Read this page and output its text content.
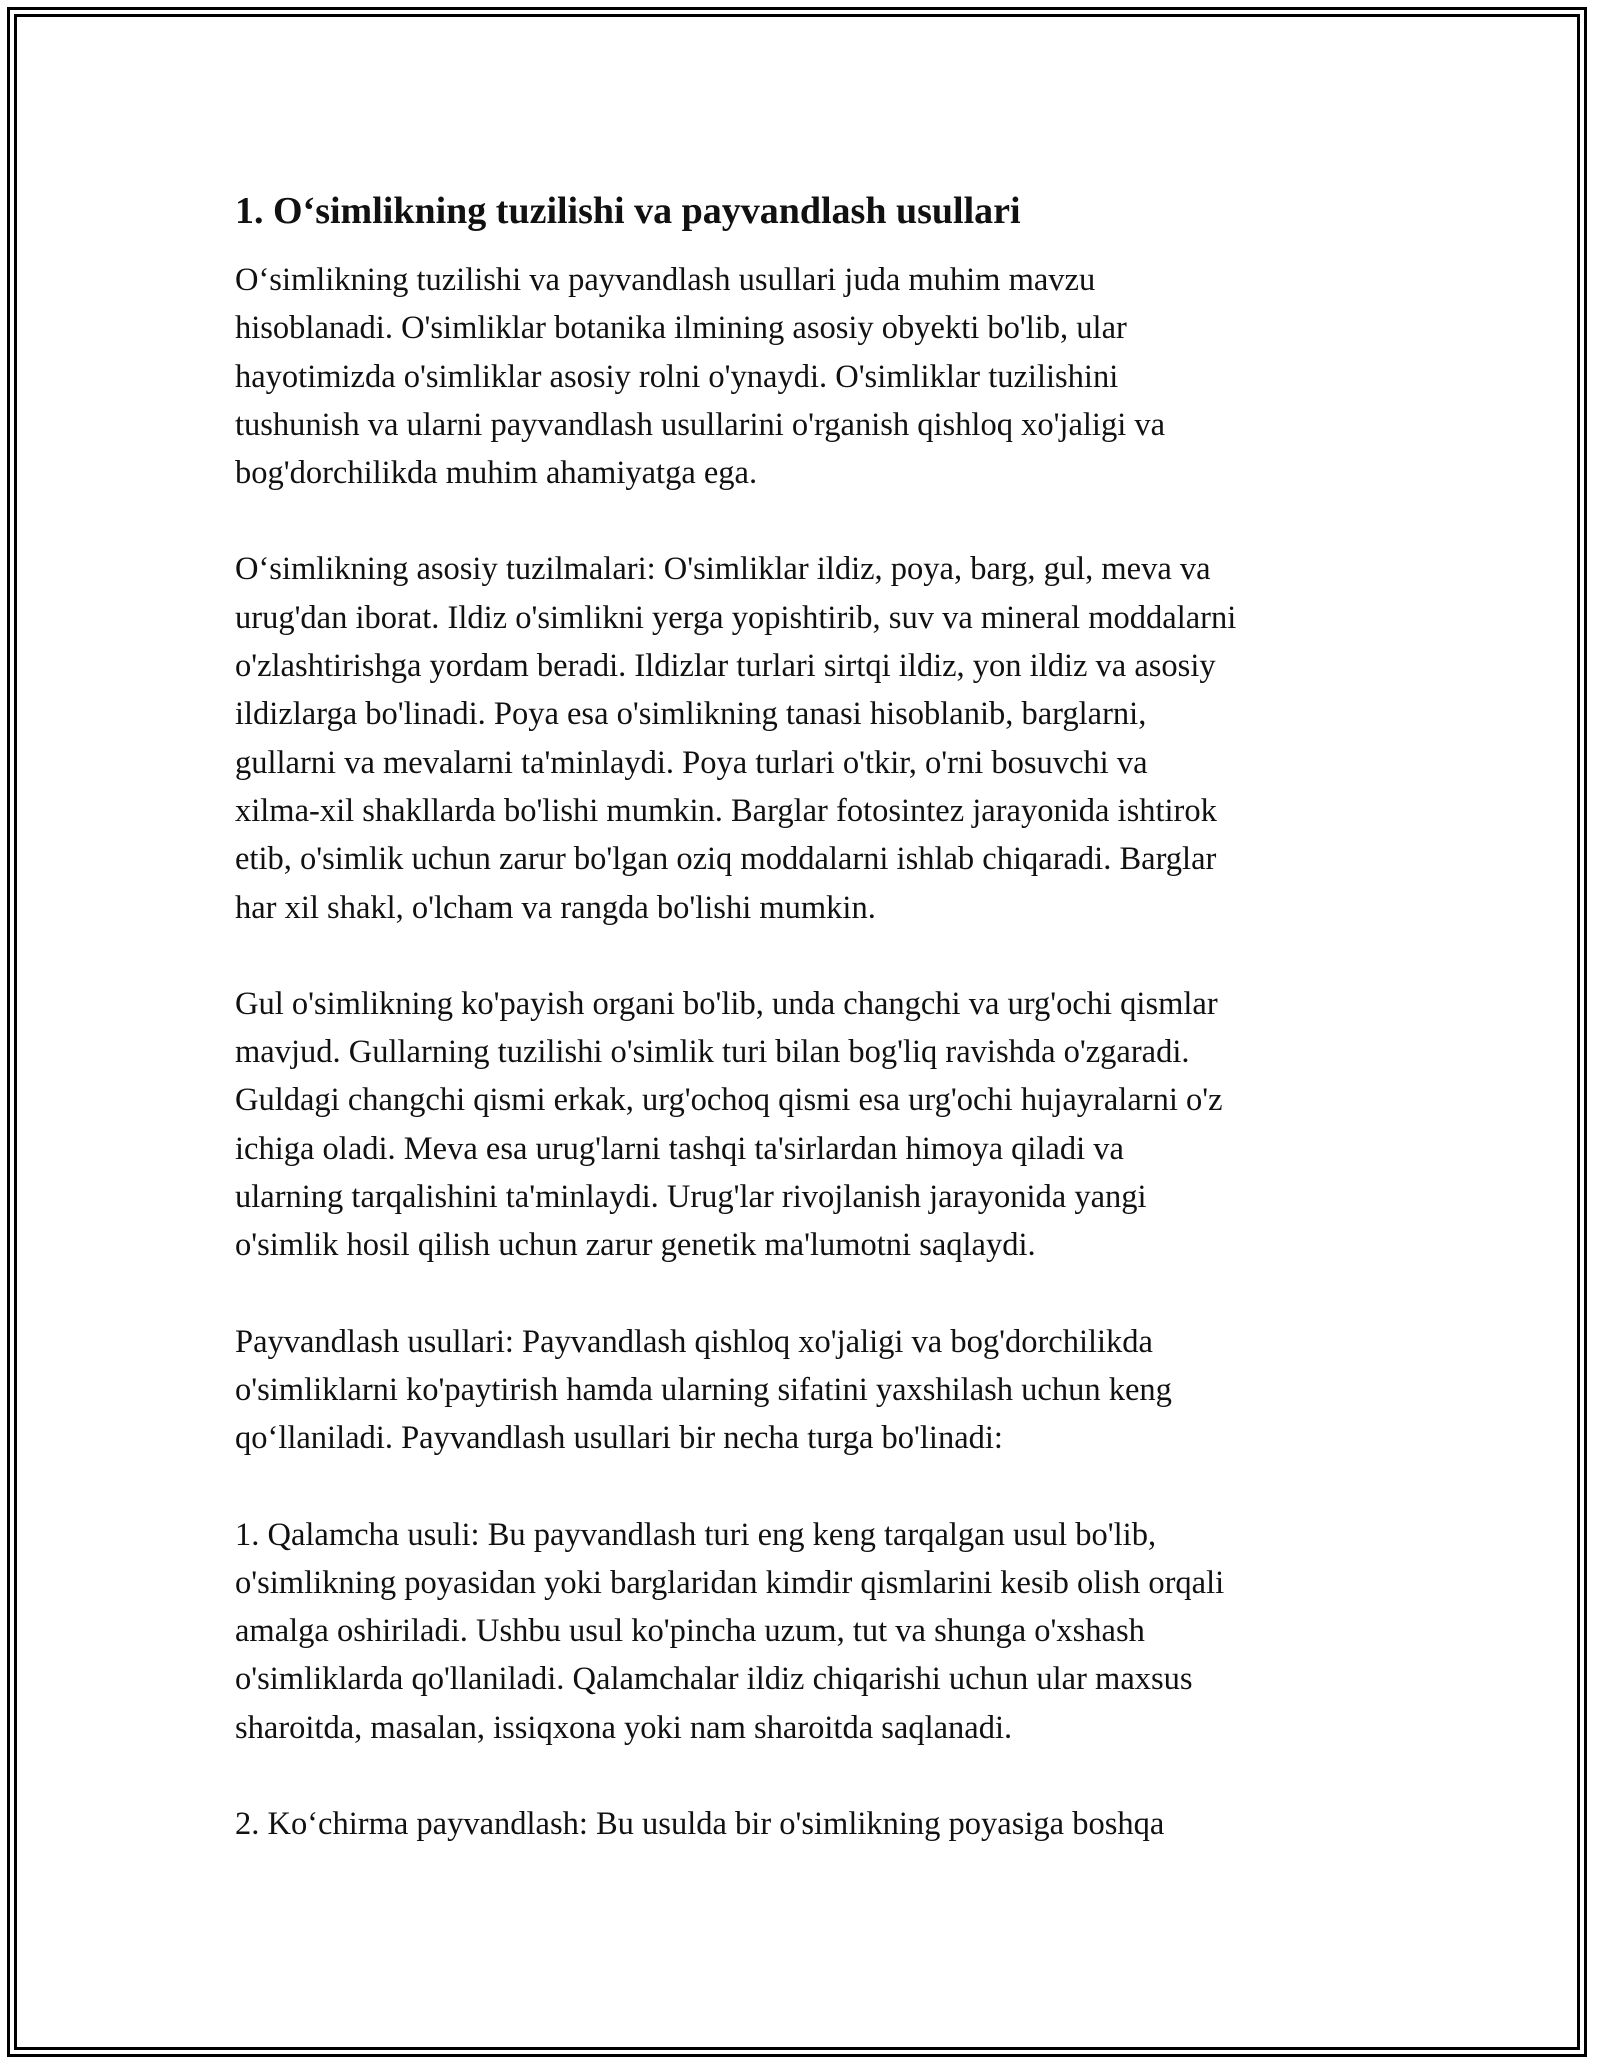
1. O‘simlikning tuzilishi va payvandlash usullari

O‘simlikning tuzilishi va payvandlash usullari juda muhim mavzu
hisoblanadi. O'simliklar botanika ilmining asosiy obyekti bo'lib, ular
hayotimizda o'simliklar asosiy rolni o'ynaydi. O'simliklar tuzilishini
tushunish va ularni payvandlash usullarini o'rganish qishloq xo'jaligi va
bog'dorchilikda muhim ahamiyatga ega.

O‘simlikning asosiy tuzilmalari: O'simliklar ildiz, poya, barg, gul, meva va
urug'dan iborat. Ildiz o'simlikni yerga yopishtirib, suv va mineral moddalarni
o'zlashtirishga yordam beradi. Ildizlar turlari sirtqi ildiz, yon ildiz va asosiy
ildizlarga bo'linadi. Poya esa o'simlikning tanasi hisoblanib, barglarni,
gullarni va mevalarni ta'minlaydi. Poya turlari o'tkir, o'rni bosuvchi va
xilma-xil shakllarda bo'lishi mumkin. Barglar fotosintez jarayonida ishtirok
etib, o'simlik uchun zarur bo'lgan oziq moddalarni ishlab chiqaradi. Barglar
har xil shakl, o'lcham va rangda bo'lishi mumkin.

Gul o'simlikning ko'payish organi bo'lib, unda changchi va urg'ochi qismlar
mavjud. Gullarning tuzilishi o'simlik turi bilan bog'liq ravishda o'zgaradi.
Guldagi changchi qismi erkak, urg'ochoq qismi esa urg'ochi hujayralarni o'z
ichiga oladi. Meva esa urug'larni tashqi ta'sirlardan himoya qiladi va
ularning tarqalishini ta'minlaydi. Urug'lar rivojlanish jarayonida yangi
o'simlik hosil qilish uchun zarur genetik ma'lumotni saqlaydi.

Payvandlash usullari: Payvandlash qishloq xo'jaligi va bog'dorchilikda
o'simliklarni ko'paytirish hamda ularning sifatini yaxshilash uchun keng
qo‘llaniladi. Payvandlash usullari bir necha turga bo'linadi:

1. Qalamcha usuli: Bu payvandlash turi eng keng tarqalgan usul bo'lib,
o'simlikning poyasidan yoki barglaridan kimdir qismlarini kesib olish orqali
amalga oshiriladi. Ushbu usul ko'pincha uzum, tut va shunga o'xshash
o'simliklarda qo'llaniladi. Qalamchalar ildiz chiqarishi uchun ular maxsus
sharoitda, masalan, issiqxona yoki nam sharoitda saqlanadi.

2. Ko‘chirma payvandlash: Bu usulda bir o'simlikning poyasiga boshqa
